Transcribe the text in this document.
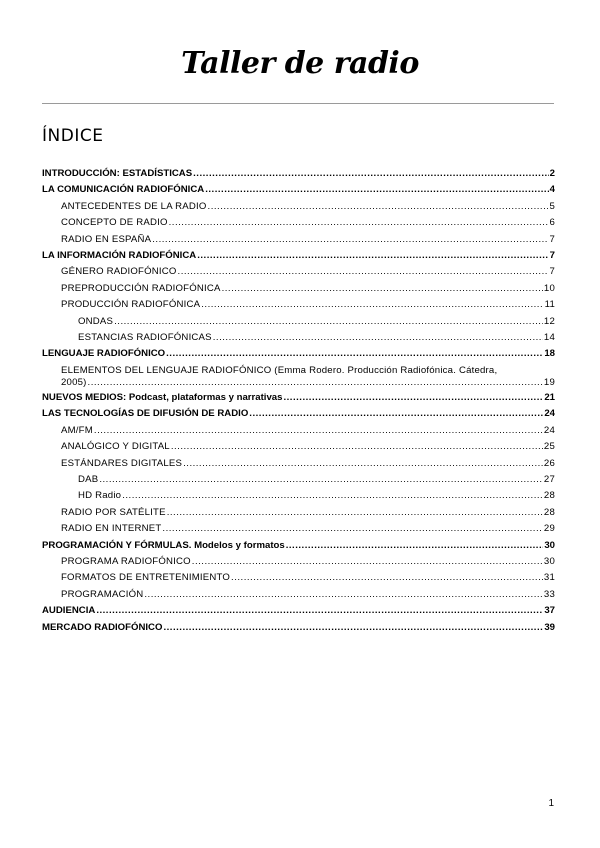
Taller de radio
ÍNDICE
INTRODUCCIÓN: ESTADÍSTICAS .....	2
LA COMUNICACIÓN RADIOFÓNICA .....	4
ANTECEDENTES DE LA RADIO .....	5
CONCEPTO DE RADIO .....	6
RADIO EN ESPAÑA .....	7
LA INFORMACIÓN RADIOFÓNICA .....	7
GÉNERO RADIOFÓNICO .....	7
PREPRODUCCIÓN RADIOFÓNICA .....	10
PRODUCCIÓN RADIOFÓNICA .....	11
ONDAS .....	12
ESTANCIAS RADIOFÓNICAS .....	14
LENGUAJE RADIOFÓNICO .....	18
ELEMENTOS DEL LENGUAJE RADIOFÓNICO (Emma Rodero. Producción Radiofónica. Cátedra,
2005) .....	19
NUEVOS MEDIOS: Podcast, plataformas y narrativas .....	21
LAS TECNOLOGÍAS DE DIFUSIÓN DE RADIO .....	24
AM/FM .....	24
ANALÓGICO Y DIGITAL .....	25
ESTÁNDARES DIGITALES .....	26
DAB .....	27
HD Radio .....	28
RADIO POR SATÉLITE .....	28
RADIO EN INTERNET .....	29
PROGRAMACIÓN Y FÓRMULAS. Modelos y formatos .....	30
PROGRAMA RADIOFÓNICO .....	30
FORMATOS DE ENTRETENIMIENTO .....	31
PROGRAMACIÓN .....	33
AUDIENCIA .....	37
MERCADO RADIOFÓNICO .....	39
1
